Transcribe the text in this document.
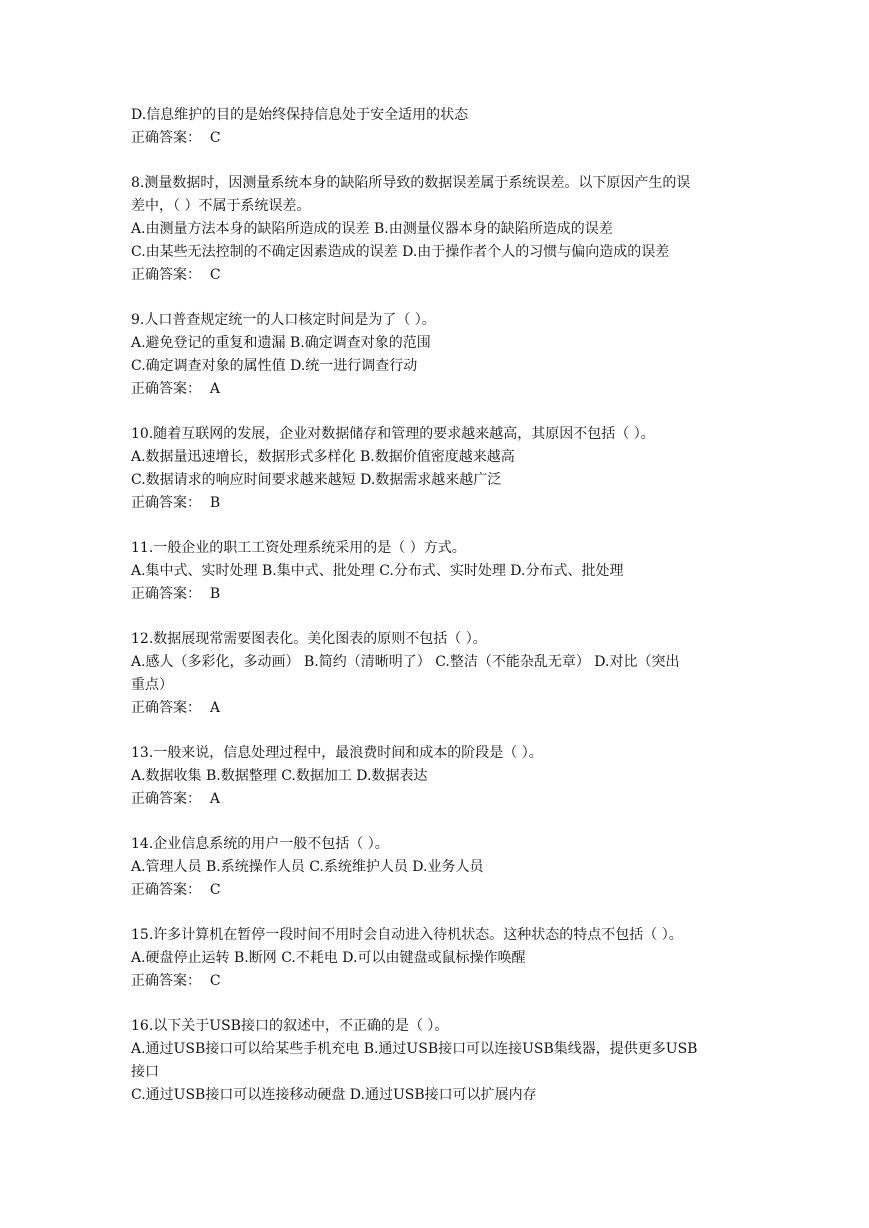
D.信息维护的目的是始终保持信息处于安全适用的状态
正确答案： C
8.测量数据时，因测量系统本身的缺陷所导致的数据误差属于系统误差。以下原因产生的误
差中，（ ）不属于系统误差。
A.由测量方法本身的缺陷所造成的误差 B.由测量仪器本身的缺陷所造成的误差
C.由某些无法控制的不确定因素造成的误差 D.由于操作者个人的习惯与偏向造成的误差
正确答案： C
9.人口普查规定统一的人口核定时间是为了（ ）。
A.避免登记的重复和遗漏 B.确定调查对象的范围
C.确定调查对象的属性值 D.统一进行调查行动
正确答案： A
10.随着互联网的发展，企业对数据储存和管理的要求越来越高，其原因不包括（ ）。
A.数据量迅速增长，数据形式多样化 B.数据价值密度越来越高
C.数据请求的响应时间要求越来越短 D.数据需求越来越广泛
正确答案： B
11.一般企业的职工工资处理系统采用的是（ ）方式。
A.集中式、实时处理 B.集中式、批处理 C.分布式、实时处理 D.分布式、批处理
正确答案： B
12.数据展现常需要图表化。美化图表的原则不包括（ ）。
A.感人（多彩化，多动画） B.简约（清晰明了） C.整洁（不能杂乱无章） D.对比（突出
重点）
正确答案： A
13.一般来说，信息处理过程中，最浪费时间和成本的阶段是（ ）。
A.数据收集 B.数据整理 C.数据加工 D.数据表达
正确答案： A
14.企业信息系统的用户一般不包括（ ）。
A.管理人员 B.系统操作人员 C.系统维护人员 D.业务人员
正确答案： C
15.许多计算机在暂停一段时间不用时会自动进入待机状态。这种状态的特点不包括（ ）。
A.硬盘停止运转 B.断网 C.不耗电 D.可以由键盘或鼠标操作唤醒
正确答案： C
16.以下关于USB接口的叙述中，不正确的是（ ）。
A.通过USB接口可以给某些手机充电 B.通过USB接口可以连接USB集线器，提供更多USB
接口
C.通过USB接口可以连接移动硬盘 D.通过USB接口可以扩展内存
